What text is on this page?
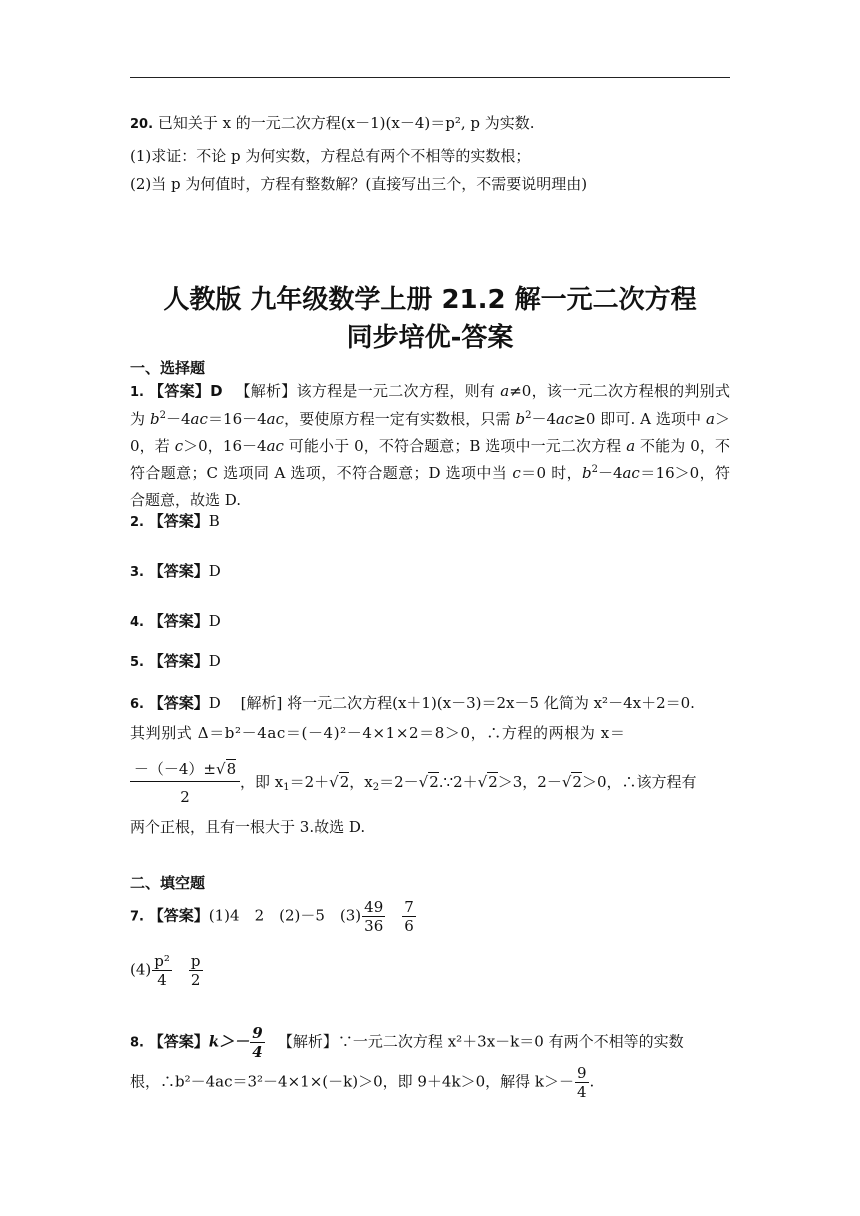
20. 已知关于 x 的一元二次方程(x－1)(x－4)＝p², p 为实数.

(1)求证：不论 p 为何实数，方程总有两个不相等的实数根；

(2)当 p 为何值时，方程有整数解？(直接写出三个，不需要说明理由)

人教版 九年级数学上册 21.2 解一元二次方程

同步培优-答案

一、选择题

1. 【答案】D 　 【解析】该方程是一元二次方程，则有 a≠0，该一元二次方程根的判别式为 $b^2-4ac=16-4ac$，要使原方程一定有实数根，只需 $b^2-4ac\ge 0$ 即可. A 选项中 a＞0，若 c＞0，16－4ac 可能小于 0，不符合题意；B 选项中一元二次方程 a 不能为 0，不符合题意；C 选项同 A 选项，不符合题意；D 选项中当 c＝0 时，$b^2-4ac=16>0$，符合题意，故选 D.

2. 【答案】B

3. 【答案】D

4. 【答案】D

5. 【答案】D

6. 【答案】D 　 [解析] 将一元二次方程(x＋1)(x－3)＝2x－5 化简为 x²－4x＋2＝0.

其判别式 Δ＝b²－4ac＝(－4)²－4×1×2＝8＞0，∴方程的两根为 x＝

$\frac{-(-4)\pm√8}{2}$ ，即 $x_1=2+√2$，$x_2=2-√2.\because 2+√2>3$，2－√2＞0，∴该方程有

两个正根，且有一根大于 3.故选 D.

二、填空题

7. 【答案】(1)4　2　(2)－5　$(3) \frac{49}{36}$
　 $\frac{7}{6}$

$(4) \frac{\text{p²}}{4}$
　 $\frac{p}{2}$

8. 【答案】$k>- \frac{9}{4}$
　 【解析】∵一元二次方程 x²＋3x－k＝0 有两个不相等的实数

根，∴b²－4ac＝3²－4×1×(－k)＞0，即 9＋4k＞0，解得 $k>- \frac{9}{4}$ .
